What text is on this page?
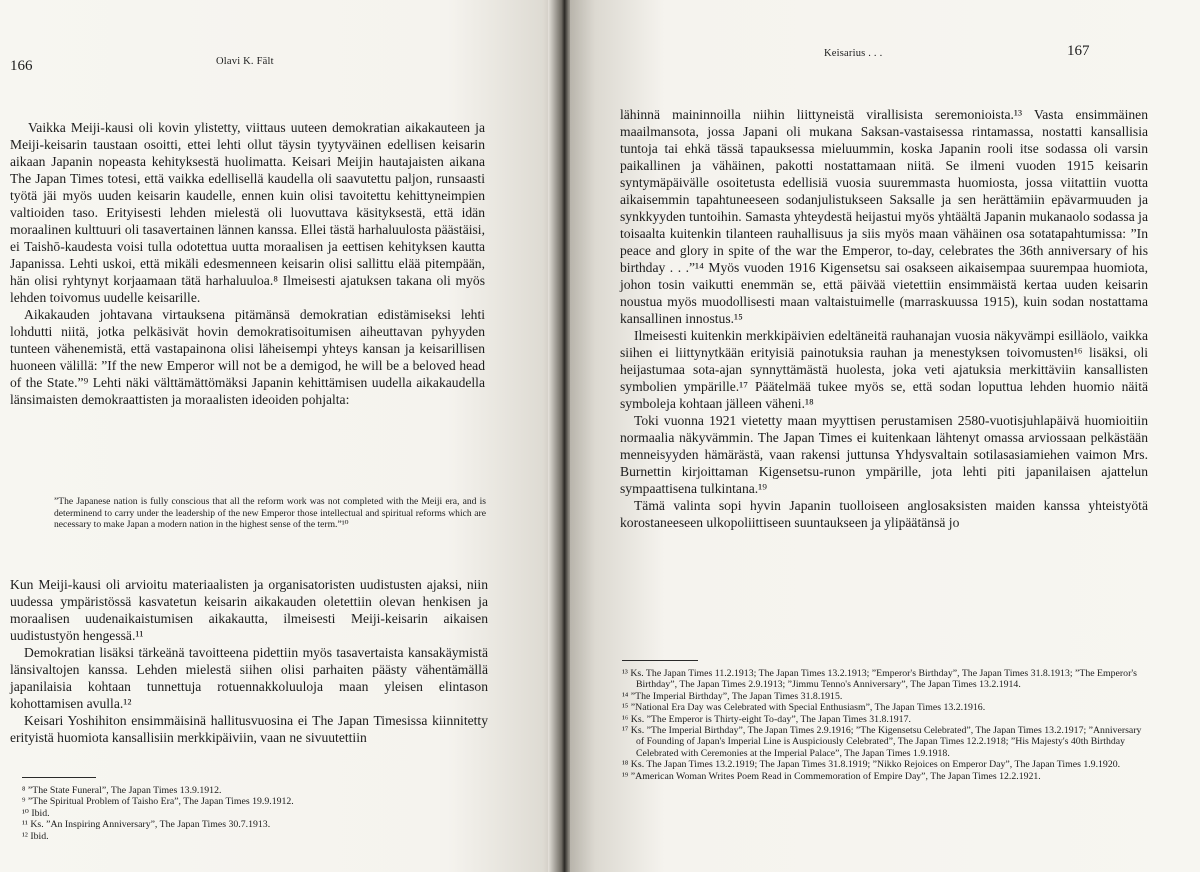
166	Olavi K. Fält

Vaikka Meiji-kausi oli kovin ylistetty, viittaus uuteen demokratian aikakauteen ja Meiji-keisarin taustaan osoitti, ettei lehti ollut täysin tyytyväinen edellisen keisarin aikaan Japanin nopeasta kehityksestä huolimatta. Keisari Meijin hautajaisten aikana The Japan Times totesi, että vaikka edellisellä kaudella oli saavutettu paljon, runsaasti työtä jäi myös uuden keisarin kaudelle, ennen kuin olisi tavoitettu kehittyneimpien valtioiden taso. Erityisesti lehden mielestä oli luovuttava käsityksestä, että idän moraalinen kulttuuri oli tasavertainen lännen kanssa. Ellei tästä harhaluulosta päästäisi, ei Taishō-kaudesta voisi tulla odotettua uutta moraalisen ja eettisen kehityksen kautta Japanissa. Lehti uskoi, että mikäli edesmenneen keisarin olisi sallittu elää pitempään, hän olisi ryhtynyt korjaamaan tätä harhaluuloa.⁸ Ilmeisesti ajatuksen takana oli myös lehden toivomus uudelle keisarille.

Aikakauden johtavana virtauksena pitämänsä demokratian edistämiseksi lehti lohdutti niitä, jotka pelkäsivät hovin demokratisoitumisen aiheuttavan pyhyyden tunteen vähenemistä, että vastapainona olisi läheisempi yhteys kansan ja keisarillisen huoneen välillä: ”If the new Emperor will not be a demigod, he will be a beloved head of the State.”⁹ Lehti näki välttämättömäksi Japanin kehittämisen uudella aikakaudella länsimaisten demokraattisten ja moraalisten ideoiden pohjalta:

”The Japanese nation is fully conscious that all the reform work was not completed with the Meiji era, and is determinend to carry under the leadership of the new Emperor those intellectual and spiritual reforms which are necessary to make Japan a modern nation in the highest sense of the term.”¹⁰

Kun Meiji-kausi oli arvioitu materiaalisten ja organisatoristen uudistusten ajaksi, niin uudessa ympäristössä kasvatetun keisarin aikakauden oletettiin olevan henkisen ja moraalisen uudenaikaistumisen aikakautta, ilmeisesti Meiji-keisarin aikaisen uudistustyön hengessä.¹¹

Demokratian lisäksi tärkeänä tavoitteena pidettiin myös tasavertaista kansakäymistä länsivaltojen kanssa. Lehden mielestä siihen olisi parhaiten päästy vähentämällä japanilaisia kohtaan tunnettuja rotuennakkoluuloja maan yleisen elintason kohottamisen avulla.¹²

Keisari Yoshihiton ensimmäisinä hallitusvuosina ei The Japan Timesissa kiinnitetty erityistä huomiota kansallisiin merkkipäiviin, vaan ne sivuutettiin

⁸ ”The State Funeral”, The Japan Times 13.9.1912.
⁹ ”The Spiritual Problem of Taisho Era”, The Japan Times 19.9.1912.
¹⁰ Ibid.
¹¹ Ks. ”An Inspiring Anniversary”, The Japan Times 30.7.1913.
¹² Ibid.
Keisarius . . .	167

lähinnä maininnoilla niihin liittyneistä virallisista seremonioista.¹³ Vasta ensimmäinen maailmansota, jossa Japani oli mukana Saksan-vastaisessa rintamassa, nostatti kansallisia tuntoja tai ehkä tässä tapauksessa mieluummin, koska Japanin rooli itse sodassa oli varsin paikallinen ja vähäinen, pakotti nostattamaan niitä. Se ilmeni vuoden 1915 keisarin syntymäpäivälle osoitetusta edellisiä vuosia suuremmasta huomiosta, jossa viitattiin vuotta aikaisemmin tapahtuneeseen sodanjulistukseen Saksalle ja sen herättämiin epävarmuuden ja synkkyyden tuntoihin. Samasta yhteydestä heijastui myös yhtäältä Japanin mukanaolo sodassa ja toisaalta kuitenkin tilanteen rauhallisuus ja siis myös maan vähäinen osa sotatapahtumissa: ”In peace and glory in spite of the war the Emperor, to-day, celebrates the 36th anniversary of his birthday . . .”¹⁴ Myös vuoden 1916 Kigensetsu sai osakseen aikaisempaa suurempaa huomiota, johon tosin vaikutti enemmän se, että päivää vietettiin ensimmäistä kertaa uuden keisarin noustua myös muodollisesti maan valtaistuimelle (marraskuussa 1915), kuin sodan nostattama kansallinen innostus.¹⁵

Ilmeisesti kuitenkin merkkipäivien edeltäneitä rauhanajan vuosia näkyvämpi esilläolo, vaikka siihen ei liittynytkään erityisiä painotuksia rauhan ja menestyksen toivomusten¹⁶ lisäksi, oli heijastumaa sota-ajan synnyttämästä huolesta, joka veti ajatuksia merkittäviin kansallisten symbolien ympärille.¹⁷ Päätelmää tukee myös se, että sodan loputtua lehden huomio näitä symboleja kohtaan jälleen väheni.¹⁸

Toki vuonna 1921 vietetty maan myyttisen perustamisen 2580-vuotisjuhlapäivä huomioitiin normaalia näkyvämmin. The Japan Times ei kuitenkaan lähtenyt omassa arviossaan pelkästään menneisyyden hämärästä, vaan rakensi juttunsa Yhdysvaltain sotilasasiamiehen vaimon Mrs. Burnettin kirjoittaman Kigensetsu-runon ympärille, jota lehti piti japanilaisen ajattelun sympaattisena tulkintana.¹⁹

Tämä valinta sopi hyvin Japanin tuolloiseen anglosaksisten maiden kanssa yhteistyötä korostaneeseen ulkopoliittiseen suuntaukseen ja ylipäätänsä jo

¹³ Ks. The Japan Times 11.2.1913; The Japan Times 13.2.1913; ”Emperor's Birthday”, The Japan Times 31.8.1913; ”The Emperor's Birthday”, The Japan Times 2.9.1913; ”Jimmu Tenno's Anniversary”, The Japan Times 13.2.1914.
¹⁴ ”The Imperial Birthday”, The Japan Times 31.8.1915.
¹⁵ ”National Era Day was Celebrated with Special Enthusiasm”, The Japan Times 13.2.1916.
¹⁶ Ks. ”The Emperor is Thirty-eight To-day”, The Japan Times 31.8.1917.
¹⁷ Ks. ”The Imperial Birthday”, The Japan Times 2.9.1916; ”The Kigensetsu Celebrated”, The Japan Times 13.2.1917; ”Anniversary of Founding of Japan's Imperial Line is Auspiciously Celebrated”, The Japan Times 12.2.1918; ”His Majesty's 40th Birthday Celebrated with Ceremonies at the Imperial Palace”, The Japan Times 1.9.1918.
¹⁸ Ks. The Japan Times 13.2.1919; The Japan Times 31.8.1919; ”Nikko Rejoices on Emperor Day”, The Japan Times 1.9.1920.
¹⁹ ”American Woman Writes Poem Read in Commemoration of Empire Day”, The Japan Times 12.2.1921.
